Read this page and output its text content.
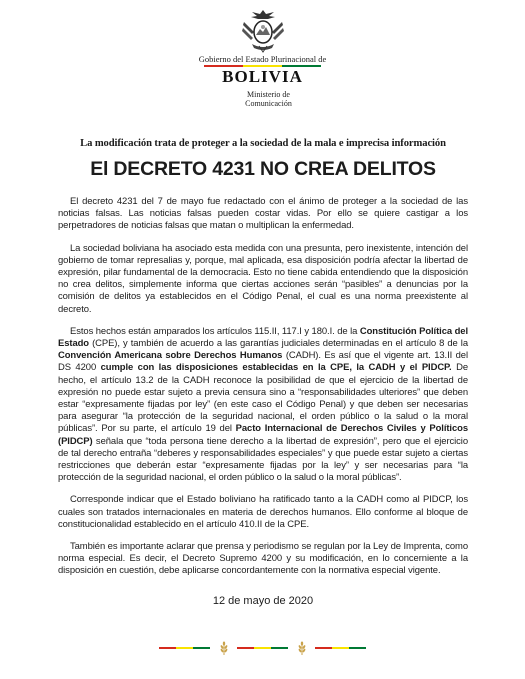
Gobierno del Estado Plurinacional de
BOLIVIA
Ministerio de
Comunicación

La modificación trata de proteger a la sociedad de la mala e imprecisa información

El DECRETO 4231 NO CREA DELITOS

El decreto 4231 del 7 de mayo fue redactado con el ánimo de proteger a la sociedad de las noticias falsas. Las noticias falsas pueden costar vidas. Por ello se quiere castigar a los perpetradores de noticias falsas que matan o multiplican la enfermedad.

La sociedad boliviana ha asociado esta medida con una presunta, pero inexistente, intención del gobierno de tomar represalias y, porque, mal aplicada, esa disposición podría afectar la libertad de expresión, pilar fundamental de la democracia. Esto no tiene cabida entendiendo que la disposición no crea delitos, simplemente informa que ciertas acciones serán “pasibles” a denuncias por la comisión de delitos ya establecidos en el Código Penal, el cual es una norma preexistente al decreto.

Estos hechos están amparados los artículos 115.II, 117.I y 180.I. de la Constitución Política del Estado (CPE), y también de acuerdo a las garantías judiciales determinadas en el artículo 8 de la Convención Americana sobre Derechos Humanos (CADH). Es así que el vigente art. 13.II del DS 4200 cumple con las disposiciones establecidas en la CPE, la CADH y el PIDCP. De hecho, el artículo 13.2 de la CADH reconoce la posibilidad de que el ejercicio de la libertad de expresión no puede estar sujeto a previa censura sino a “responsabilidades ulteriores” que deben estar “expresamente fijadas por ley” (en este caso el Código Penal) y que deben ser necesarias para asegurar “la protección de la seguridad nacional, el orden público o la salud o la moral públicas”. Por su parte, el artículo 19 del Pacto Internacional de Derechos Civiles y Políticos (PIDCP) señala que “toda persona tiene derecho a la libertad de expresión”, pero que el ejercicio de tal derecho entraña “deberes y responsabilidades especiales” y que puede estar sujeto a ciertas restricciones que deberán estar “expresamente fijadas por la ley” y ser necesarias para “la protección de la seguridad nacional, el orden público o la salud o la moral públicas”.

Corresponde indicar que el Estado boliviano ha ratificado tanto a la CADH como al PIDCP, los cuales son tratados internacionales en materia de derechos humanos. Ello conforme al bloque de constitucionalidad establecido en el artículo 410.II de la CPE.

También es importante aclarar que prensa y periodismo se regulan por la Ley de Imprenta, como norma especial. Es decir, el Decreto Supremo 4200 y su modificación, en lo concerniente a la disposición en cuestión, debe aplicarse concordantemente con la normativa especial vigente.

12 de mayo de 2020
